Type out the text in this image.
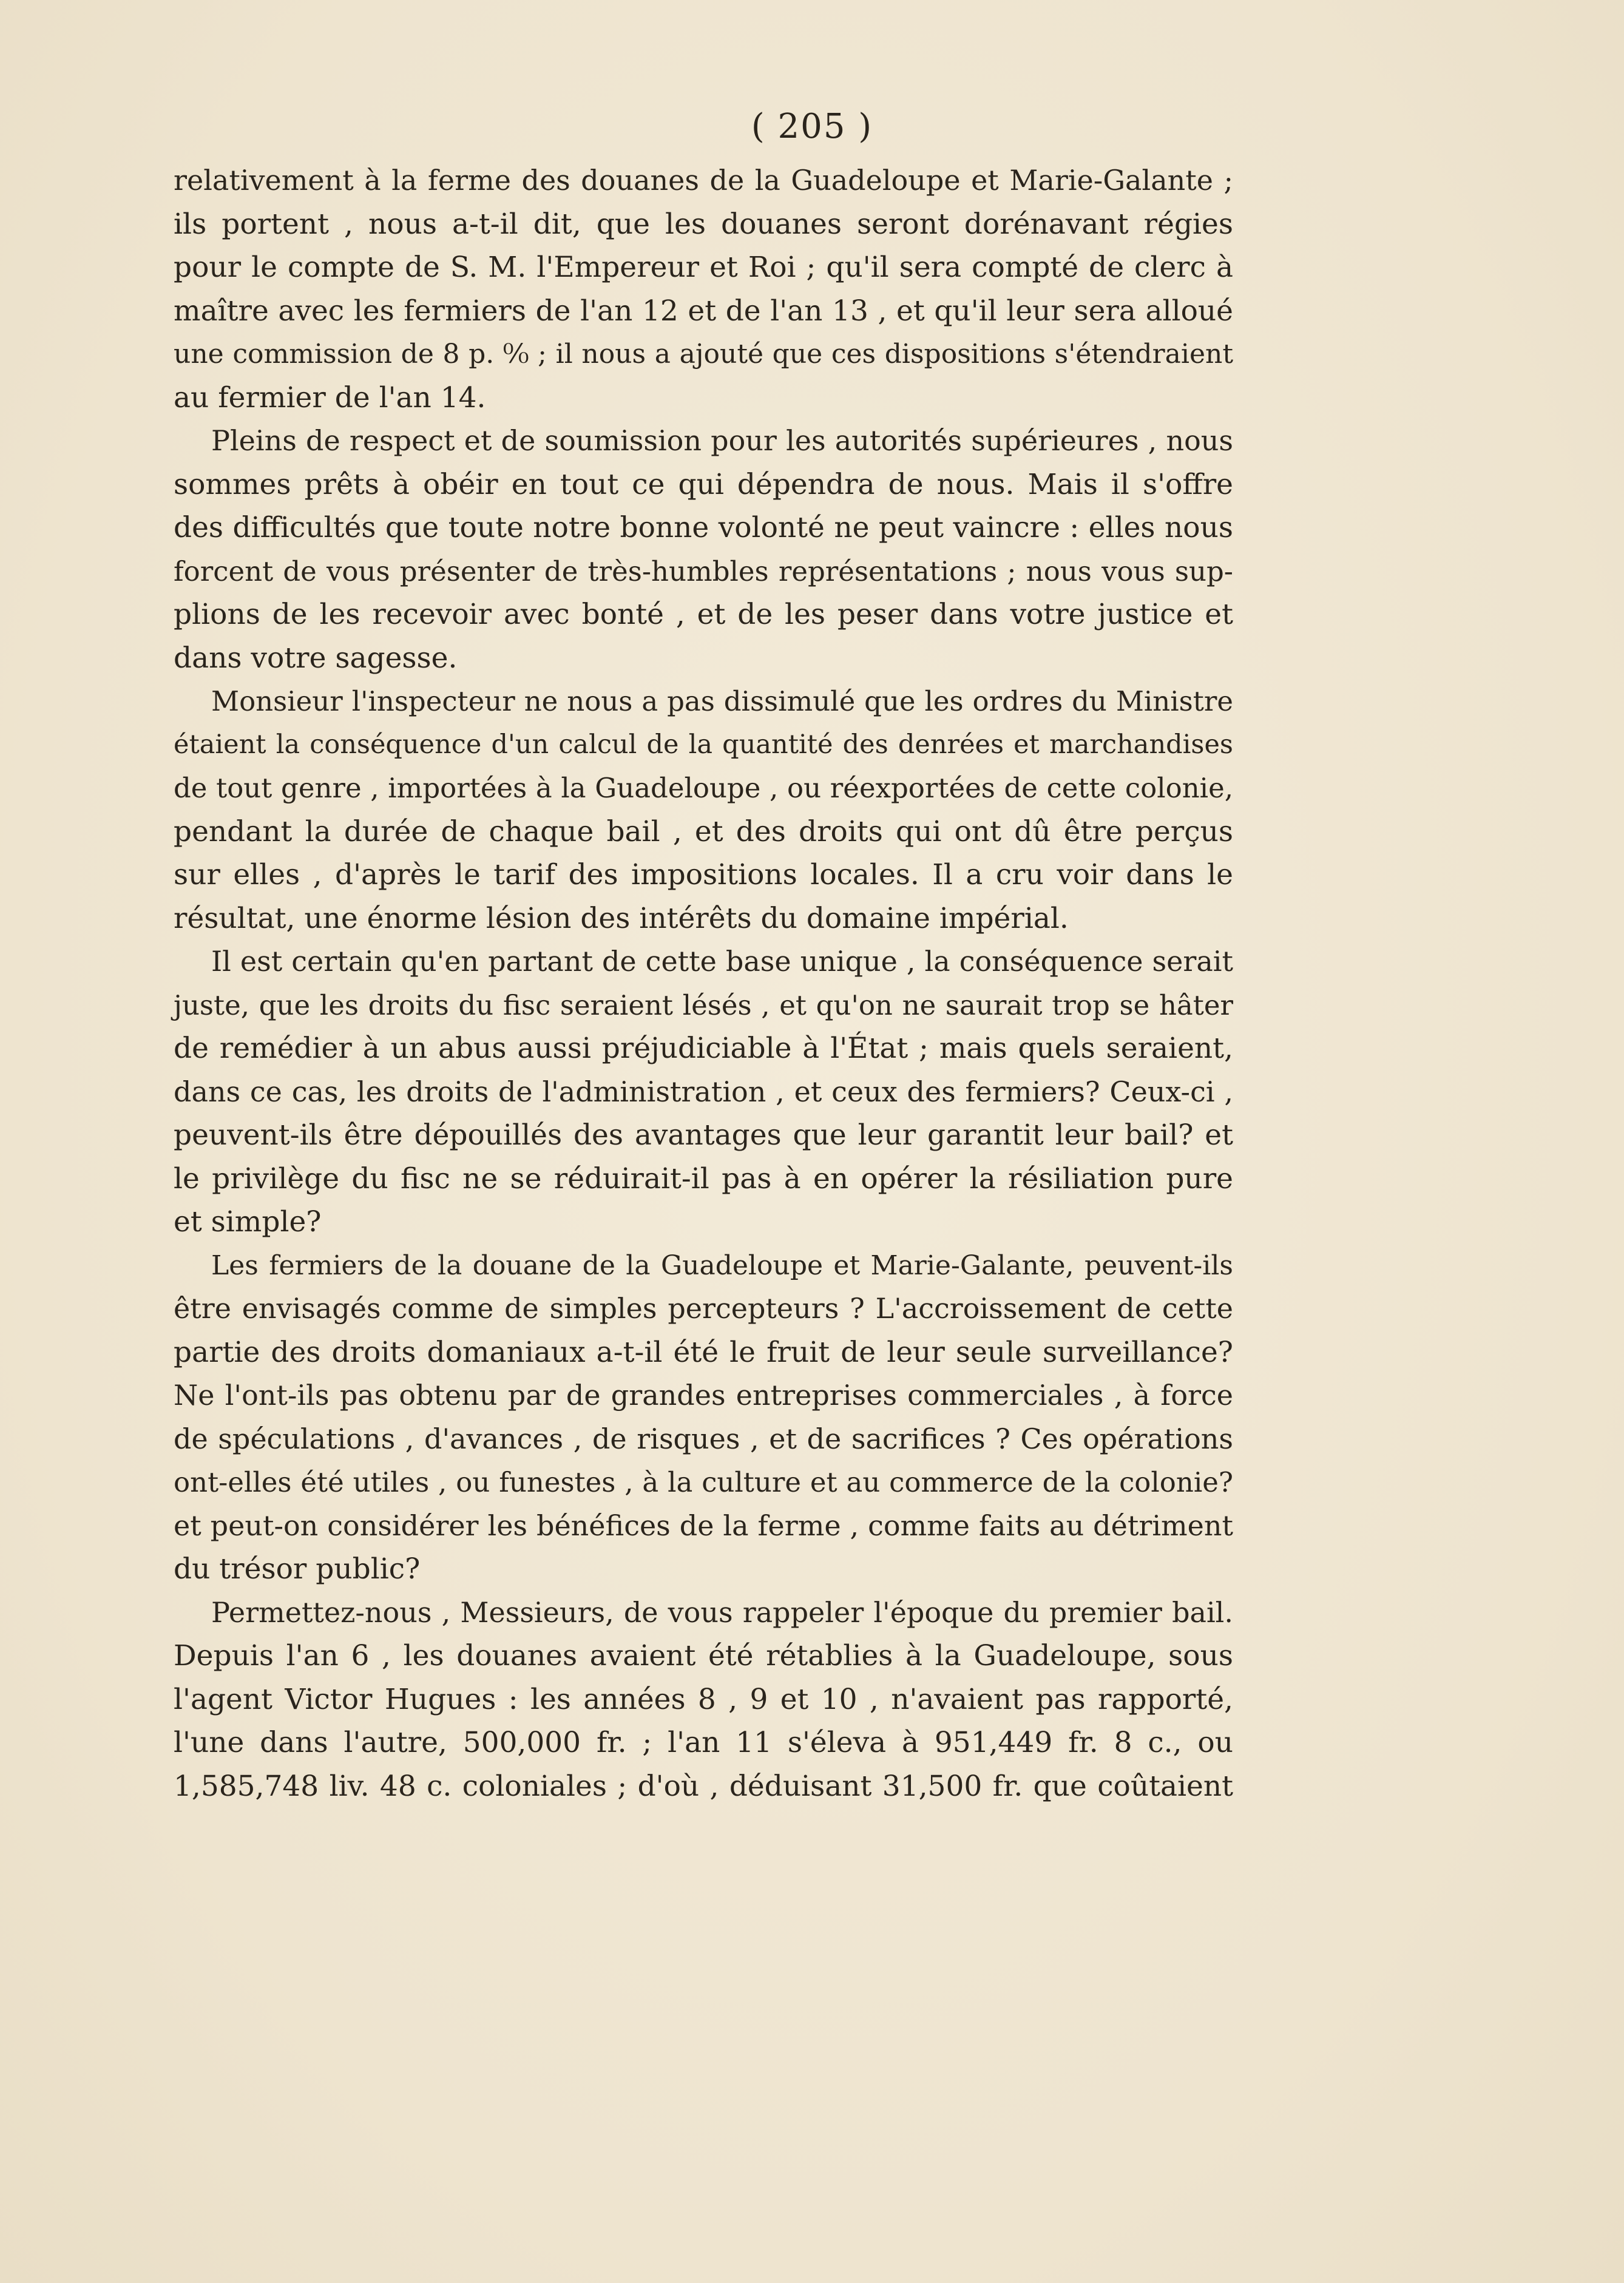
( 205 )
relativement à la ferme des douanes de la Guadeloupe et Marie-Galante ;
ils portent , nous a-t-il dit, que les douanes seront dorénavant régies
pour le compte de S. M. l'Empereur et Roi ; qu'il sera compté de clerc à
maître avec les fermiers de l'an 12 et de l'an 13 , et qu'il leur sera alloué
une commission de 8 p. ⁰⁄₀ ; il nous a ajouté que ces dispositions s'étendraient
au fermier de l'an 14.
Pleins de respect et de soumission pour les autorités supérieures , nous
sommes prêts à obéir en tout ce qui dépendra de nous. Mais il s'offre
des difficultés que toute notre bonne volonté ne peut vaincre : elles nous
forcent de vous présenter de très-humbles représentations ; nous vous sup-
plions de les recevoir avec bonté , et de les peser dans votre justice et
dans votre sagesse.
Monsieur l'inspecteur ne nous a pas dissimulé que les ordres du Ministre
étaient la conséquence d'un calcul de la quantité des denrées et marchandises
de tout genre , importées à la Guadeloupe , ou réexportées de cette colonie,
pendant la durée de chaque bail , et des droits qui ont dû être perçus
sur elles , d'après le tarif des impositions locales. Il a cru voir dans le
résultat, une énorme lésion des intérêts du domaine impérial.
Il est certain qu'en partant de cette base unique , la conséquence serait
juste, que les droits du fisc seraient lésés , et qu'on ne saurait trop se hâter
de remédier à un abus aussi préjudiciable à l'État ; mais quels seraient,
dans ce cas, les droits de l'administration , et ceux des fermiers? Ceux-ci ,
peuvent-ils être dépouillés des avantages que leur garantit leur bail? et
le privilège du fisc ne se réduirait-il pas à en opérer la résiliation pure
et simple?
Les fermiers de la douane de la Guadeloupe et Marie-Galante, peuvent-ils
être envisagés comme de simples percepteurs ? L'accroissement de cette
partie des droits domaniaux a-t-il été le fruit de leur seule surveillance?
Ne l'ont-ils pas obtenu par de grandes entreprises commerciales , à force
de spéculations , d'avances , de risques , et de sacrifices ? Ces opérations
ont-elles été utiles , ou funestes , à la culture et au commerce de la colonie?
et peut-on considérer les bénéfices de la ferme , comme faits au détriment
du trésor public?
Permettez-nous , Messieurs, de vous rappeler l'époque du premier bail.
Depuis l'an 6 , les douanes avaient été rétablies à la Guadeloupe, sous
l'agent Victor Hugues : les années 8 , 9 et 10 , n'avaient pas rapporté,
l'une dans l'autre, 500,000 fr. ; l'an 11 s'éleva à 951,449 fr. 8 c., ou
1,585,748 liv. 48 c. coloniales ; d'où , déduisant 31,500 fr. que coûtaient
